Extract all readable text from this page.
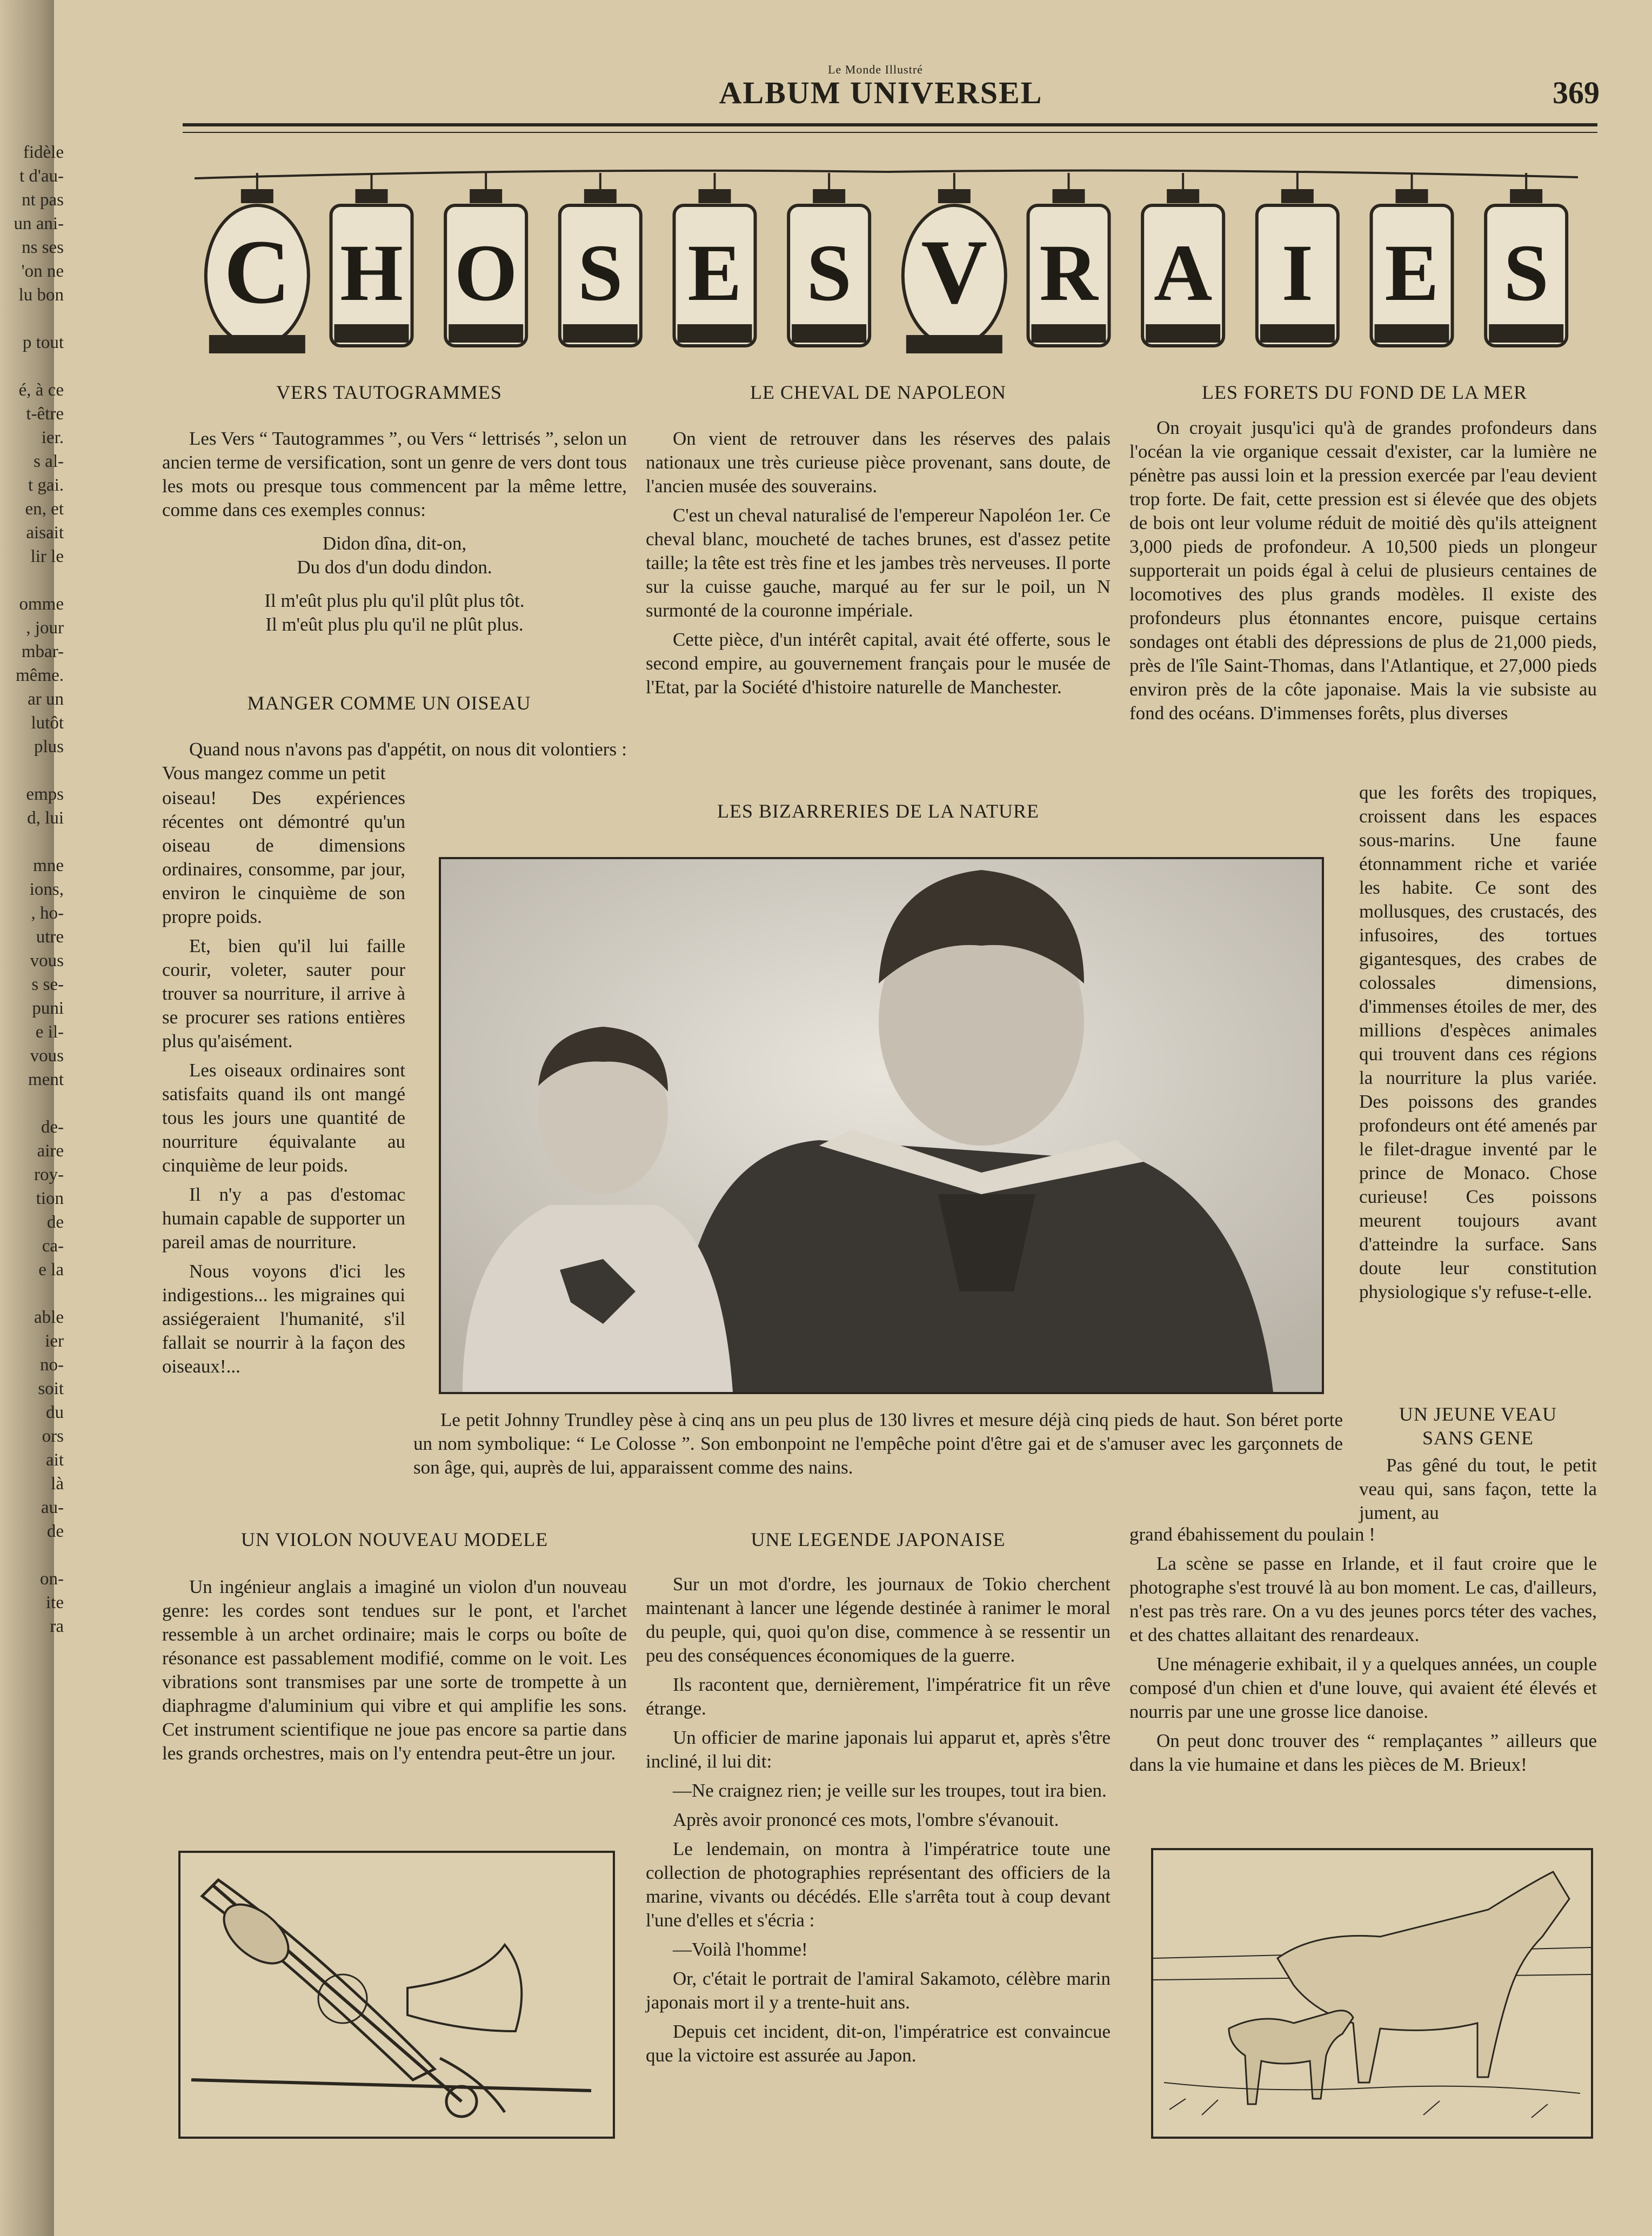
fidèle
t d'au-
nt pas
un ani-
ns ses
'on ne
lu bon
p tout
é, à ce
t-être
ier.
s al-
t gai.
en, et
aisait
lir le
omme
, jour
mbar-
même.
ar un
lutôt
plus
emps
d, lui
mne
ions,
, ho-
utre
vous
s se-
puni
e il-
vous
ment
de-
aire
roy-
tion
de
ca-
e la
able
ier
no-
soit
du
ors
ait
là
au-
de
on-
ite
ra
Le Monde Illustré
ALBUM UNIVERSEL	369
C H O S E S V R A I E S
VERS TAUTOGRAMMES

Les Vers “ Tautogrammes ”, ou Vers “ lettrisés ”, selon un ancien terme de versification, sont un genre de vers dont tous les mots ou presque tous commencent par la même lettre, comme dans ces exemples connus:

Didon dîna, dit-on,
Du dos d'un dodu dindon.
Il m'eût plus plu qu'il plût plus tôt.
Il m'eût plus plu qu'il ne plût plus.
MANGER COMME UN OISEAU

Quand nous n'avons pas d'appétit, on nous dit volontiers : Vous mangez comme un petit

oiseau! Des expériences récentes ont démontré qu'un oiseau de dimensions ordinaires, consomme, par jour, environ le cinquième de son propre poids.

Et, bien qu'il lui faille courir, voleter, sauter pour trouver sa nourriture, il arrive à se procurer ses rations entières plus qu'aisément.

Les oiseaux ordinaires sont satisfaits quand ils ont mangé tous les jours une quantité de nourriture équivalante au cinquième de leur poids.

Il n'y a pas d'estomac humain capable de supporter un pareil amas de nourriture.

Nous voyons d'ici les indigestions... les migraines qui assiégeraient l'humanité, s'il fallait se nourrir à la façon des oiseaux!...

LE CHEVAL DE NAPOLEON

On vient de retrouver dans les réserves des palais nationaux une très curieuse pièce provenant, sans doute, de l'ancien musée des souverains.

C'est un cheval naturalisé de l'empereur Napoléon 1er. Ce cheval blanc, moucheté de taches brunes, est d'assez petite taille; la tête est très fine et les jambes très nerveuses. Il porte sur la cuisse gauche, marqué au fer sur le poil, un N surmonté de la couronne impériale.

Cette pièce, d'un intérêt capital, avait été offerte, sous le second empire, au gouvernement français pour le musée de l'Etat, par la Société d'histoire naturelle de Manchester.

LES BIZARRERIES DE LA NATURE

Le petit Johnny Trundley pèse à cinq ans un peu plus de 130 livres et mesure déjà cinq pieds de haut. Son béret porte un nom symbolique: “ Le Colosse ”. Son embonpoint ne l'empêche point d'être gai et de s'amuser avec les garçonnets de son âge, qui, auprès de lui, apparaissent comme des nains.

LES FORETS DU FOND DE LA MER

On croyait jusqu'ici qu'à de grandes profondeurs dans l'océan la vie organique cessait d'exister, car la lumière ne pénètre pas aussi loin et la pression exercée par l'eau devient trop forte. De fait, cette pression est si élevée que des objets de bois ont leur volume réduit de moitié dès qu'ils atteignent 3,000 pieds de profondeur. A 10,500 pieds un plongeur supporterait un poids égal à celui de plusieurs centaines de locomotives des plus grands modèles. Il existe des profondeurs plus étonnantes encore, puisque certains sondages ont établi des dépressions de plus de 21,000 pieds, près de l'île Saint-Thomas, dans l'Atlantique, et 27,000 pieds environ près de la côte japonaise. Mais la vie subsiste au fond des océans. D'immenses forêts, plus diverses

que les forêts des tropiques, croissent dans les espaces sous-marins. Une faune étonnamment riche et variée les habite. Ce sont des mollusques, des crustacés, des infusoires, des tortues gigantesques, des crabes de colossales dimensions, d'immenses étoiles de mer, des millions d'espèces animales qui trouvent dans ces régions la nourriture la plus variée. Des poissons des grandes profondeurs ont été amenés par le filet-drague inventé par le prince de Monaco. Chose curieuse! Ces poissons meurent toujours avant d'atteindre la surface. Sans doute leur constitution physiologique s'y refuse-t-elle.

UN JEUNE VEAU
SANS GENE

Pas gêné du tout, le petit veau qui, sans façon, tette la jument, au

grand ébahissement du poulain !

La scène se passe en Irlande, et il faut croire que le photographe s'est trouvé là au bon moment. Le cas, d'ailleurs, n'est pas très rare. On a vu des jeunes porcs téter des vaches, et des chattes allaitant des renardeaux.

Une ménagerie exhibait, il y a quelques années, un couple composé d'un chien et d'une louve, qui avaient été élevés et nourris par une une grosse lice danoise.

On peut donc trouver des “ remplaçantes ” ailleurs que dans la vie humaine et dans les pièces de M. Brieux!

UN VIOLON NOUVEAU MODELE

Un ingénieur anglais a imaginé un violon d'un nouveau genre: les cordes sont tendues sur le pont, et l'archet ressemble à un archet ordinaire; mais le corps ou boîte de résonance est passablement modifié, comme on le voit. Les vibrations sont transmises par une sorte de trompette à un diaphragme d'aluminium qui vibre et qui amplifie les sons. Cet instrument scientifique ne joue pas encore sa partie dans les grands orchestres, mais on l'y entendra peut-être un jour.

UNE LEGENDE JAPONAISE

Sur un mot d'ordre, les journaux de Tokio cherchent maintenant à lancer une légende destinée à ranimer le moral du peuple, qui, quoi qu'on dise, commence à se ressentir un peu des conséquences économiques de la guerre.

Ils racontent que, dernièrement, l'impératrice fit un rêve étrange.

Un officier de marine japonais lui apparut et, après s'être incliné, il lui dit:

—Ne craignez rien; je veille sur les troupes, tout ira bien.

Après avoir prononcé ces mots, l'ombre s'évanouit.

Le lendemain, on montra à l'impératrice toute une collection de photographies représentant des officiers de la marine, vivants ou décédés. Elle s'arrêta tout à coup devant l'une d'elles et s'écria :

—Voilà l'homme!

Or, c'était le portrait de l'amiral Sakamoto, célèbre marin japonais mort il y a trente-huit ans.

Depuis cet incident, dit-on, l'impératrice est convaincue que la victoire est assurée au Japon.
